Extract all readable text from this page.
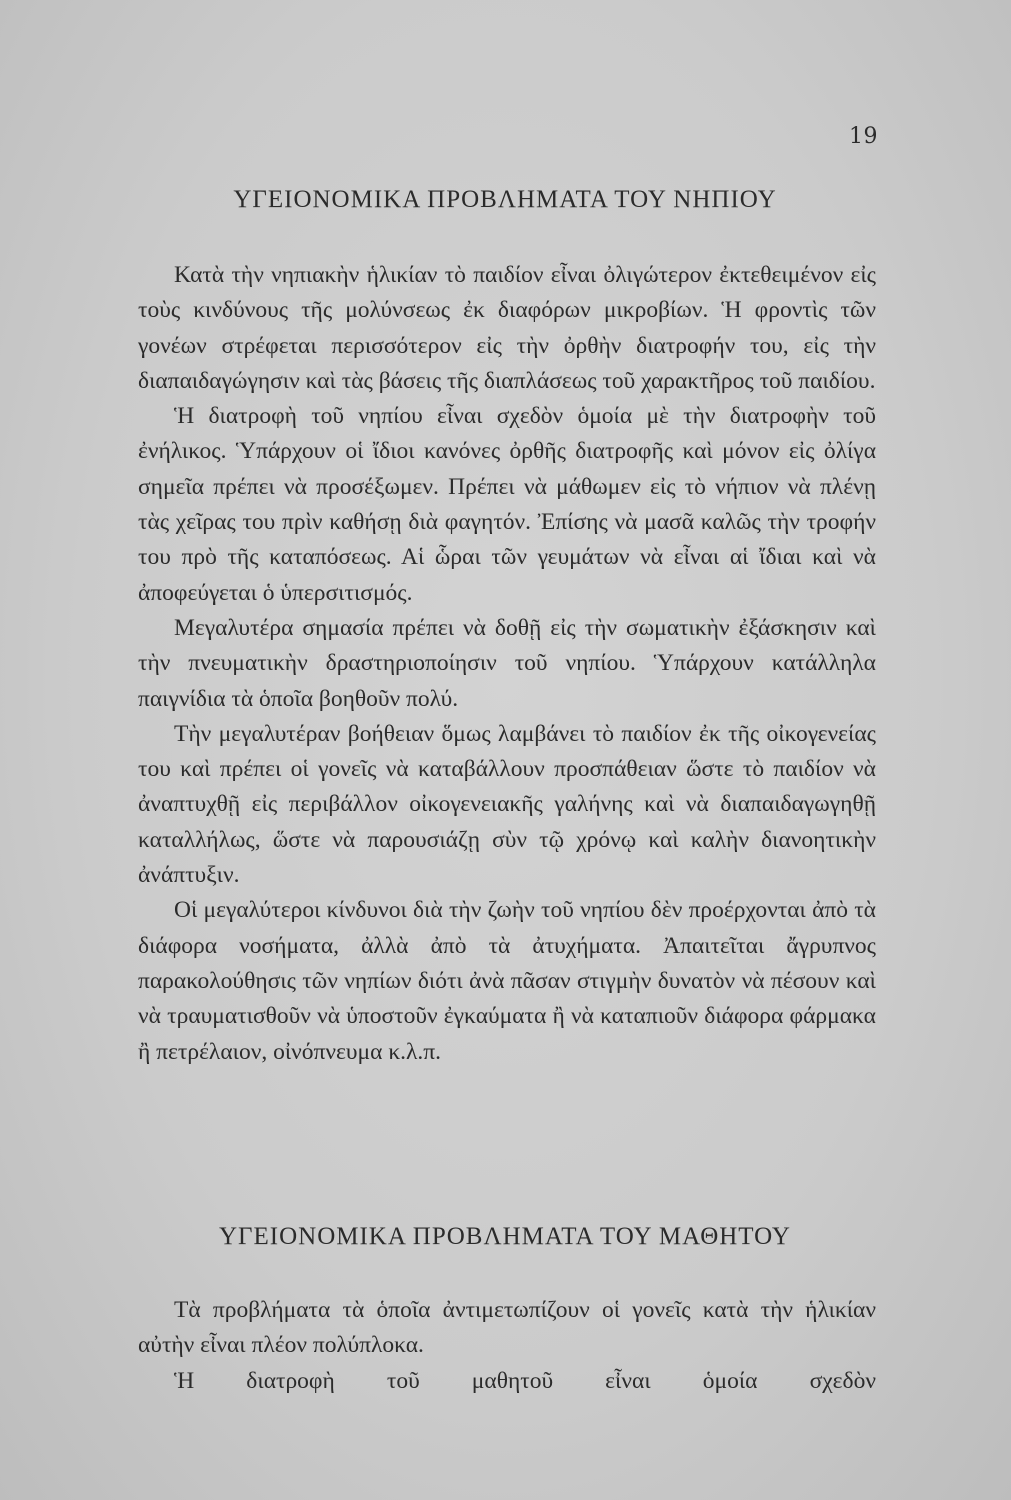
19
ΥΓΕΙΟΝΟΜΙΚΑ ΠΡΟΒΛΗΜΑΤΑ ΤΟΥ ΝΗΠΙΟΥ

Κατὰ τὴν νηπιακὴν ἡλικίαν τὸ παιδίον εἶναι ὀλιγώτερον ἐκτεθειμένον εἰς τοὺς κινδύνους τῆς μολύνσεως ἐκ διαφόρων μικροβίων. Ἡ φροντὶς τῶν γονέων στρέφεται περισσότερον εἰς τὴν ὀρθὴν διατροφήν του, εἰς τὴν διαπαιδαγώγησιν καὶ τὰς βάσεις τῆς διαπλάσεως τοῦ χαρακτῆρος τοῦ παιδίου.

Ἡ διατροφὴ τοῦ νηπίου εἶναι σχεδὸν ὁμοία μὲ τὴν διατροφὴν τοῦ ἐνήλικος. Ὑπάρχουν οἱ ἴδιοι κανόνες ὀρθῆς διατροφῆς καὶ μόνον εἰς ὀλίγα σημεῖα πρέπει νὰ προσέξωμεν. Πρέπει νὰ μάθωμεν εἰς τὸ νήπιον νὰ πλένῃ τὰς χεῖρας του πρὶν καθήσῃ διὰ φαγητόν. Ἐπίσης νὰ μασᾶ καλῶς τὴν τροφήν του πρὸ τῆς καταπόσεως. Αἱ ὧραι τῶν γευμάτων νὰ εἶναι αἱ ἴδιαι καὶ νὰ ἀποφεύγεται ὁ ὑπερσιτισμός.

Μεγαλυτέρα σημασία πρέπει νὰ δοθῇ εἰς τὴν σωματικὴν ἐξάσκησιν καὶ τὴν πνευματικὴν δραστηριοποίησιν τοῦ νηπίου. Ὑπάρχουν κατάλληλα παιγνίδια τὰ ὁποῖα βοηθοῦν πολύ.

Τὴν μεγαλυτέραν βοήθειαν ὅμως λαμβάνει τὸ παιδίον ἐκ τῆς οἰκογενείας του καὶ πρέπει οἱ γονεῖς νὰ καταβάλλουν προσπάθειαν ὥστε τὸ παιδίον νὰ ἀναπτυχθῇ εἰς περιβάλλον οἰκογενειακῆς γαλήνης καὶ νὰ διαπαιδαγωγηθῇ καταλλήλως, ὥστε νὰ παρουσιάζῃ σὺν τῷ χρόνῳ καὶ καλὴν διανοητικὴν ἀνάπτυξιν.

Οἱ μεγαλύτεροι κίνδυνοι διὰ τὴν ζωὴν τοῦ νηπίου δὲν προέρχονται ἀπὸ τὰ διάφορα νοσήματα, ἀλλὰ ἀπὸ τὰ ἀτυχήματα. Ἀπαιτεῖται ἄγρυπνος παρακολούθησις τῶν νηπίων διότι ἀνὰ πᾶσαν στιγμὴν δυνατὸν νὰ πέσουν καὶ νὰ τραυματισθοῦν νὰ ὑποστοῦν ἐγκαύματα ἢ νὰ καταπιοῦν διάφορα φάρμακα ἢ πετρέλαιον, οἰνόπνευμα κ.λ.π.

ΥΓΕΙΟΝΟΜΙΚΑ ΠΡΟΒΛΗΜΑΤΑ ΤΟΥ ΜΑΘΗΤΟΥ

Τὰ προβλήματα τὰ ὁποῖα ἀντιμετωπίζουν οἱ γονεῖς κατὰ τὴν ἡλικίαν αὐτὴν εἶναι πλέον πολύπλοκα.

Ἡ διατροφὴ τοῦ μαθητοῦ εἶναι ὁμοία σχεδὸν
